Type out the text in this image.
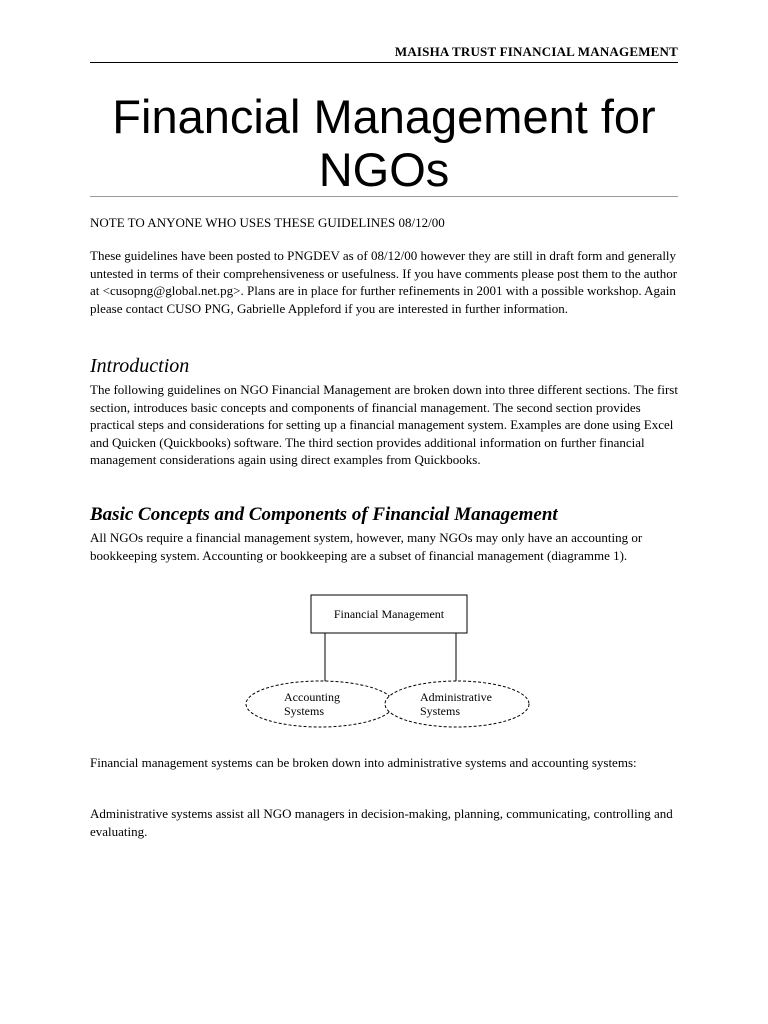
MAISHA TRUST FINANCIAL MANAGEMENT
Financial Management for NGOs

NOTE TO ANYONE WHO USES THESE GUIDELINES 08/12/00

These guidelines have been posted to PNGDEV as of 08/12/00 however they are still in draft form and generally untested in terms of their comprehensiveness or usefulness. If you have comments please post them to the author at <cusopng@global.net.pg>. Plans are in place for further refinements in 2001 with a possible workshop. Again please contact CUSO PNG, Gabrielle Appleford if you are interested in further information.

Introduction

The following guidelines on NGO Financial Management are broken down into three different sections. The first section, introduces basic concepts and components of financial management. The second section provides practical steps and considerations for setting up a financial management system. Examples are done using Excel and Quicken (Quickbooks) software. The third section provides additional information on further financial management considerations again using direct examples from Quickbooks.

Basic Concepts and Components of Financial Management

All NGOs require a financial management system, however, many NGOs may only have an accounting or bookkeeping system. Accounting or bookkeeping are a subset of financial management (diagramme 1).

Financial Management
Accounting
Systems
Administrative
Systems

Financial management systems can be broken down into administrative systems and accounting systems:

Administrative systems assist all NGO managers in decision-making, planning, communicating, controlling and evaluating.
